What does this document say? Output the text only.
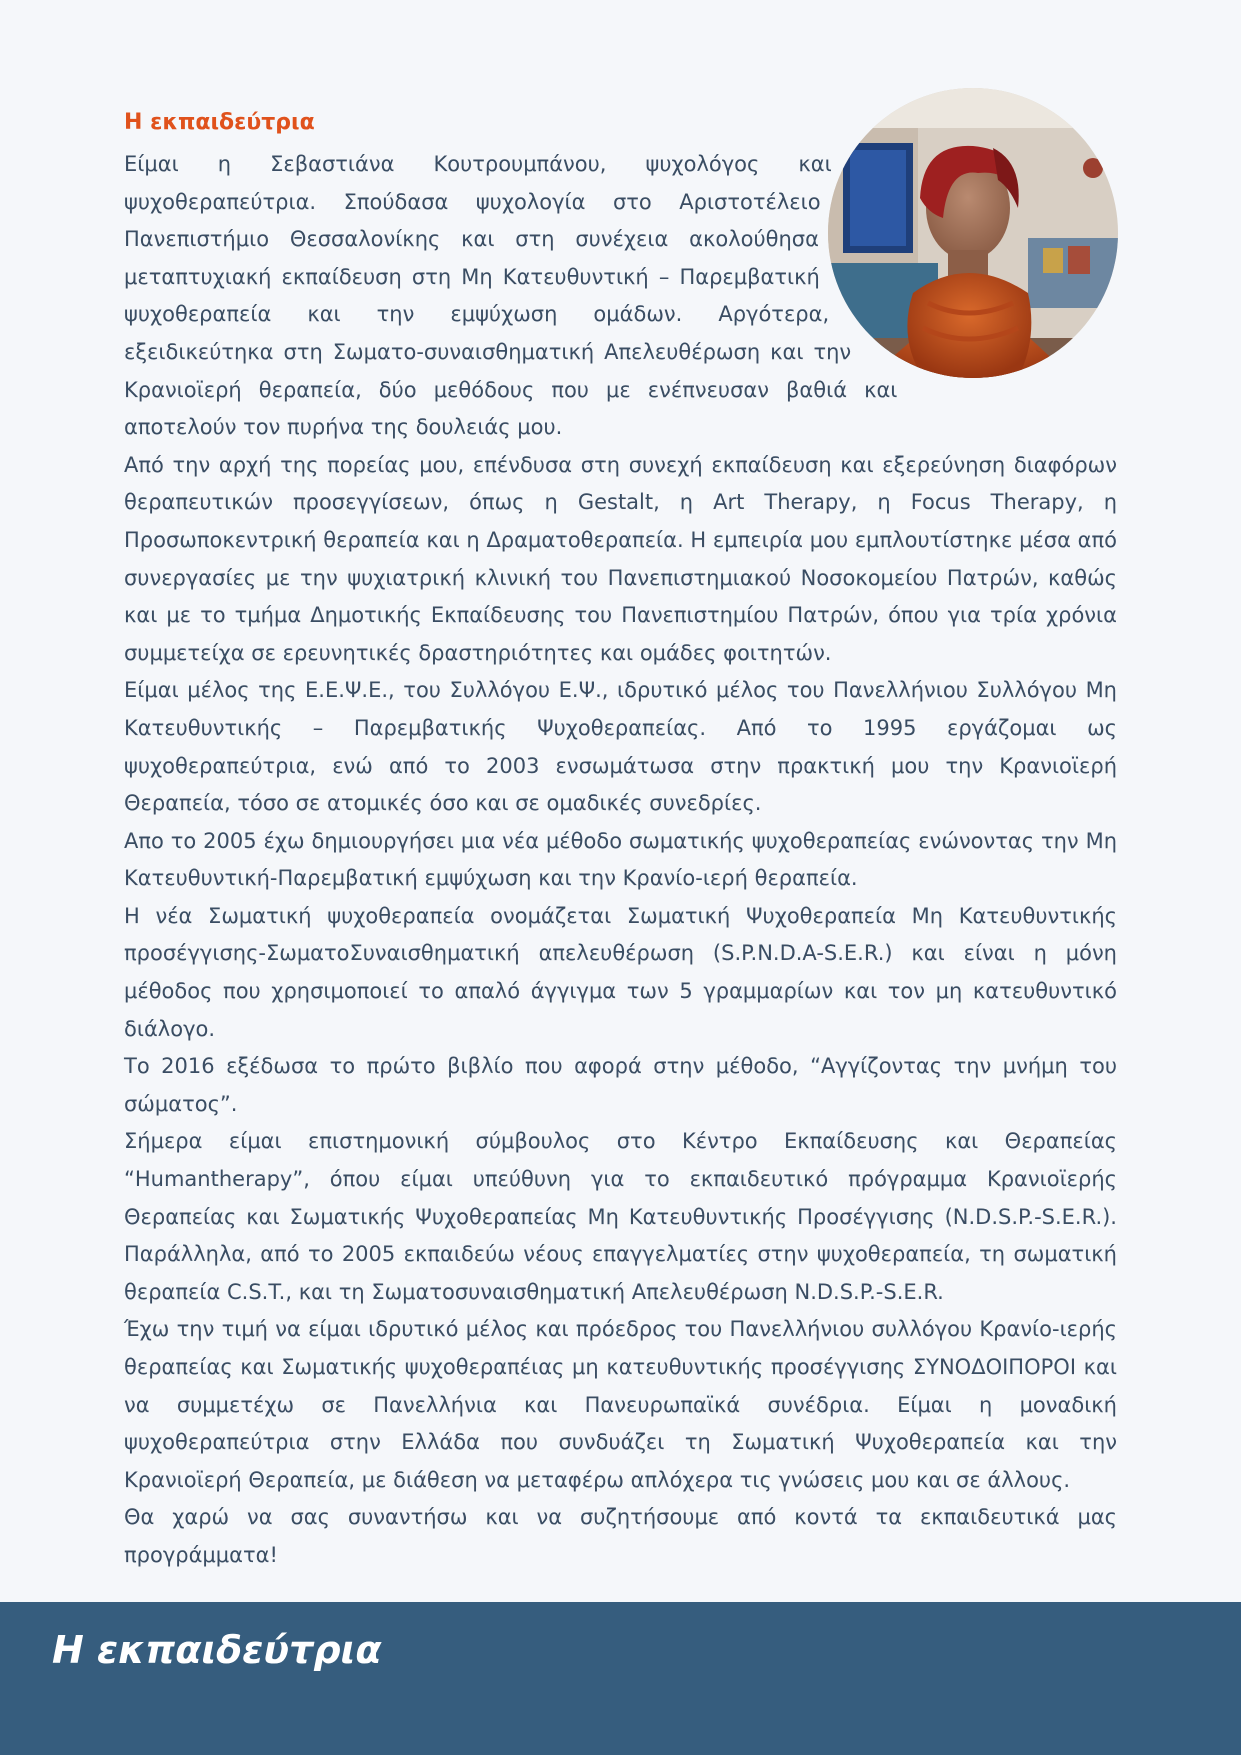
Η εκπαιδεύτρια

Είμαι η Σεβαστιάνα Κουτρουμπάνου, ψυχολόγος και ψυχοθεραπεύτρια. Σπούδασα ψυχολογία στο Αριστοτέλειο Πανεπιστήμιο Θεσσαλονίκης και στη συνέχεια ακολούθησα μεταπτυχιακή εκπαίδευση στη Μη Κατευθυντική – Παρεμβατική ψυχοθεραπεία και την εμψύχωση ομάδων. Αργότερα, εξειδικεύτηκα στη Σωματο-συναισθηματική Απελευθέρωση και την Κρανιοϊερή θεραπεία, δύο μεθόδους που με ενέπνευσαν βαθιά και αποτελούν τον πυρήνα της δουλειάς μου.

Από την αρχή της πορείας μου, επένδυσα στη συνεχή εκπαίδευση και εξερεύνηση διαφόρων θεραπευτικών προσεγγίσεων, όπως η Gestalt, η Art Therapy, η Focus Therapy, η Προσωποκεντρική θεραπεία και η Δραματοθεραπεία. Η εμπειρία μου εμπλουτίστηκε μέσα από συνεργασίες με την ψυχιατρική κλινική του Πανεπιστημιακού Νοσοκομείου Πατρών, καθώς και με το τμήμα Δημοτικής Εκπαίδευσης του Πανεπιστημίου Πατρών, όπου για τρία χρόνια συμμετείχα σε ερευνητικές δραστηριότητες και ομάδες φοιτητών.

Είμαι μέλος της Ε.Ε.Ψ.Ε., του Συλλόγου Ε.Ψ., ιδρυτικό μέλος του Πανελλήνιου Συλλόγου Μη Κατευθυντικής – Παρεμβατικής Ψυχοθεραπείας. Από το 1995 εργάζομαι ως ψυχοθεραπεύτρια, ενώ από το 2003 ενσωμάτωσα στην πρακτική μου την Κρανιοϊερή Θεραπεία, τόσο σε ατομικές όσο και σε ομαδικές συνεδρίες.

Απο το 2005 έχω δημιουργήσει μια νέα μέθοδο σωματικής ψυχοθεραπείας ενώνοντας την Μη Κατευθυντική-Παρεμβατική εμψύχωση και την Κρανίο-ιερή θεραπεία.

Η νέα Σωματική ψυχοθεραπεία ονομάζεται Σωματική Ψυχοθεραπεία Μη Κατευθυντικής προσέγγισης-ΣωματοΣυναισθηματική απελευθέρωση (S.P.N.D.A-S.E.R.) και είναι η μόνη μέθοδος που χρησιμοποιεί το απαλό άγγιγμα των 5 γραμμαρίων και τον μη κατευθυντικό διάλογο.

Το 2016 εξέδωσα το πρώτο βιβλίο που αφορά στην μέθοδο, “Αγγίζοντας την μνήμη του σώματος”.

Σήμερα είμαι επιστημονική σύμβουλος στο Κέντρο Εκπαίδευσης και Θεραπείας “Humantherapy”, όπου είμαι υπεύθυνη για το εκπαιδευτικό πρόγραμμα Κρανιοϊερής Θεραπείας και Σωματικής Ψυχοθεραπείας Μη Κατευθυντικής Προσέγγισης (N.D.S.P.-S.E.R.). Παράλληλα, από το 2005 εκπαιδεύω νέους επαγγελματίες στην ψυχοθεραπεία, τη σωματική θεραπεία C.S.T., και τη Σωματοσυναισθηματική Απελευθέρωση N.D.S.P.-S.E.R.

Έχω την τιμή να είμαι ιδρυτικό μέλος και πρόεδρος του Πανελλήνιου συλλόγου Κρανίο-ιερής θεραπείας και Σωματικής ψυχοθεραπέιας μη κατευθυντικής προσέγγισης ΣΥΝΟΔΟΙΠΟΡΟΙ και να συμμετέχω σε Πανελλήνια και Πανευρωπαϊκά συνέδρια. Είμαι η μοναδική ψυχοθεραπεύτρια στην Ελλάδα που συνδυάζει τη Σωματική Ψυχοθεραπεία και την Κρανιοϊερή Θεραπεία, με διάθεση να μεταφέρω απλόχερα τις γνώσεις μου και σε άλλους.

Θα χαρώ να σας συναντήσω και να συζητήσουμε από κοντά τα εκπαιδευτικά μας προγράμματα!

Η εκπαιδεύτρια
